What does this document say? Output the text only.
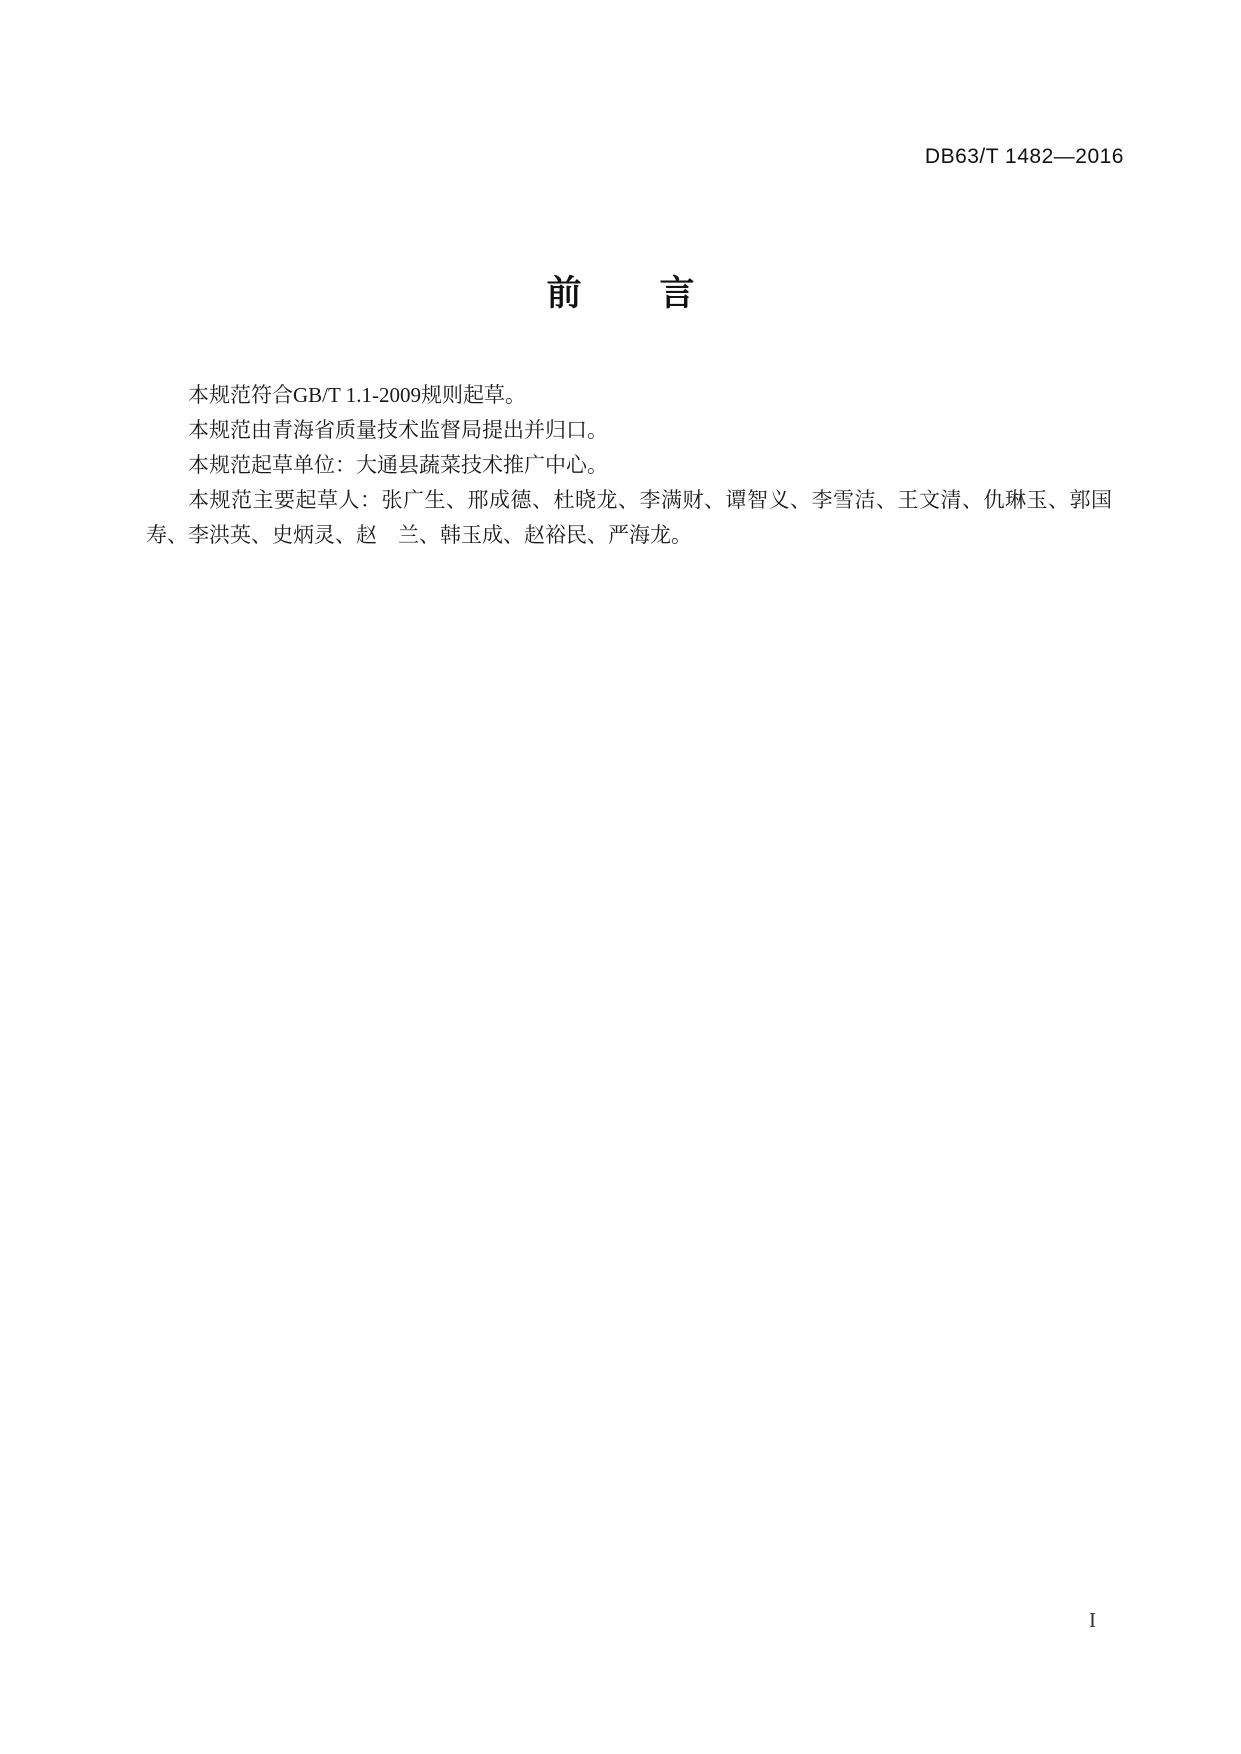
DB63/T 1482—2016
前 言

本规范符合GB/T 1.1-2009规则起草。

本规范由青海省质量技术监督局提出并归口。

本规范起草单位：大通县蔬菜技术推广中心。

本规范主要起草人：张广生、邢成德、杜晓龙、李满财、谭智义、李雪洁、王文清、仇琳玉、郭国寿、李洪英、史炳灵、赵　兰、韩玉成、赵裕民、严海龙。

I
